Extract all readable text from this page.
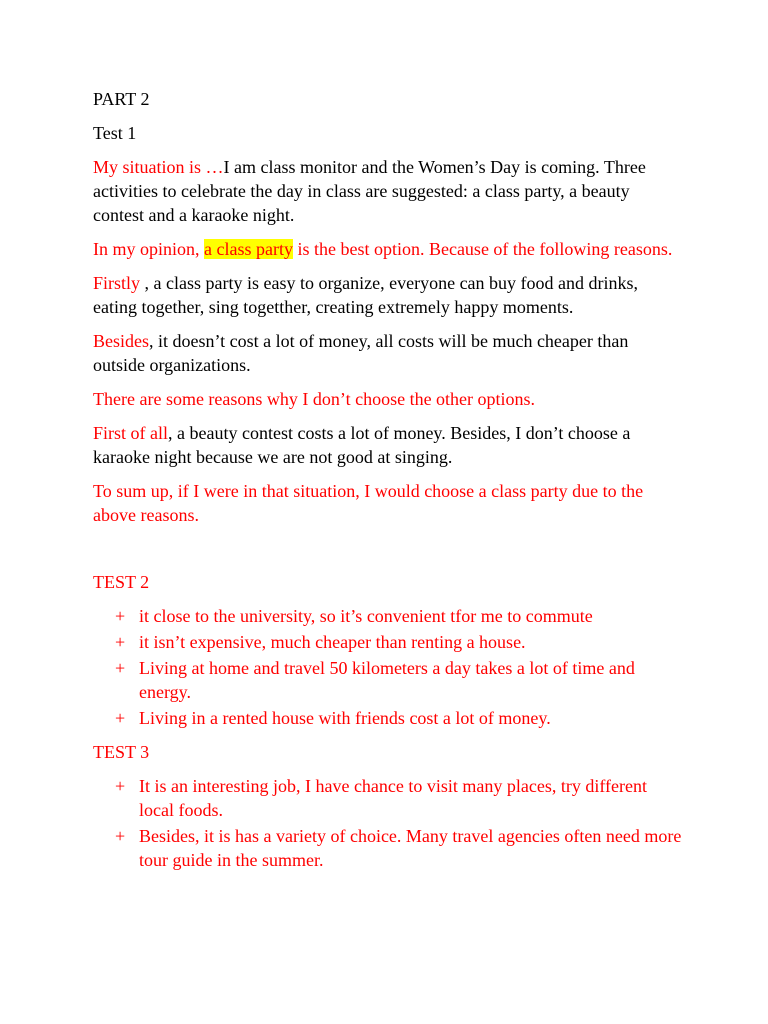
PART 2

Test 1

My situation is …I am class monitor and the Women’s Day is coming. Three activities to celebrate the day in class are suggested: a class party, a beauty contest and a karaoke night.

In my opinion, a class party is the best option. Because of the following reasons.

Firstly , a class party is easy to organize, everyone can buy food and drinks, eating together, sing togetther, creating extremely happy moments.

Besides, it doesn’t cost a lot of money, all costs will be much cheaper than outside organizations.

There are some reasons why I don’t choose the other options.

First of all, a beauty contest costs a lot of money. Besides, I don’t choose a karaoke night because we are not good at singing.

To sum up, if I were in that situation, I would choose a class party due to the above reasons.

TEST 2

+ it close to the university, so it’s convenient tfor me to commute
+ it isn’t expensive, much cheaper than renting a house.
+ Living at home and travel 50 kilometers a day takes a lot of time and energy.
+ Living in a rented house with friends cost a lot of money.

TEST 3

+ It is an interesting job, I have chance to visit many places, try different local foods.
+ Besides, it is has a variety of choice. Many travel agencies often need more tour guide in the summer.
